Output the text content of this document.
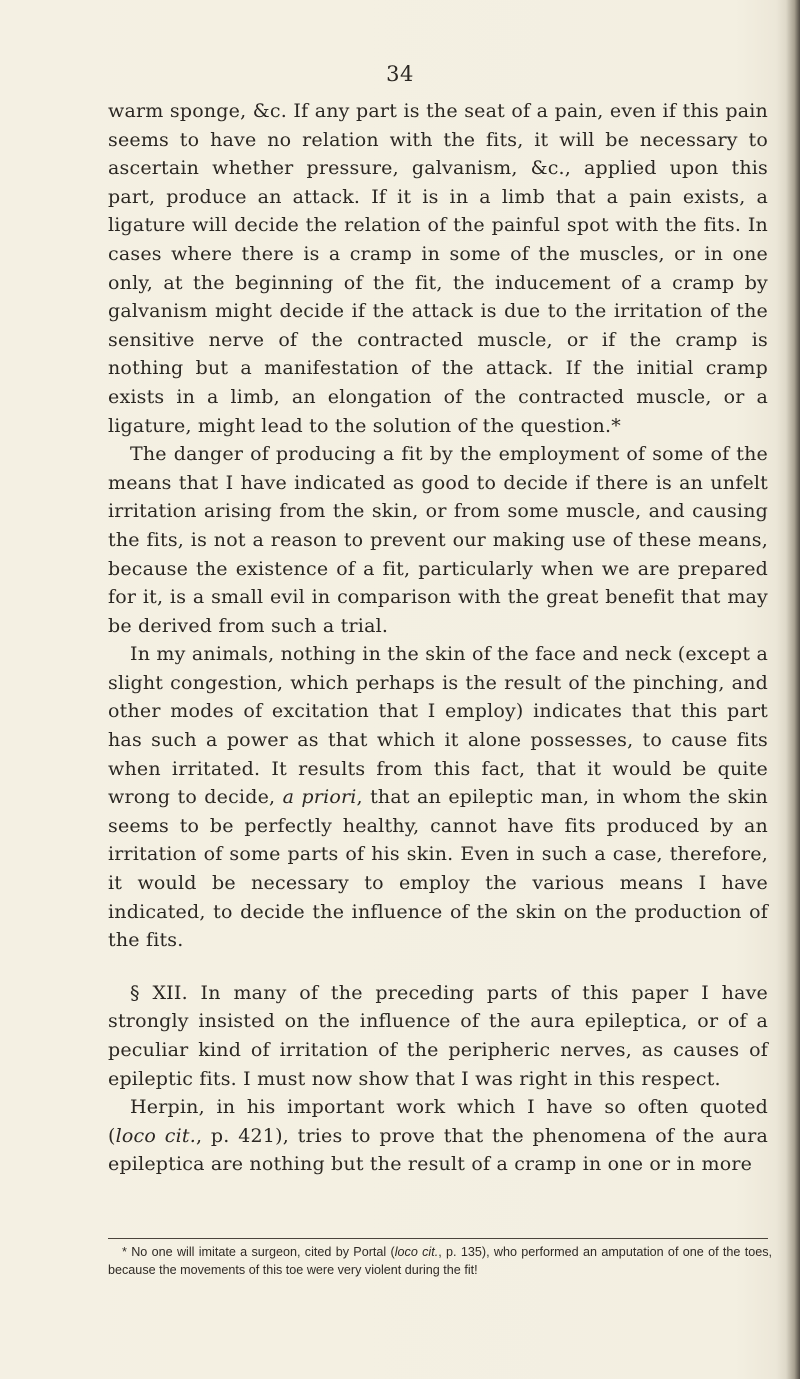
34

warm sponge, &c. If any part is the seat of a pain, even if this pain seems to have no relation with the fits, it will be necessary to ascertain whether pressure, galvanism, &c., applied upon this part, produce an attack. If it is in a limb that a pain exists, a ligature will decide the relation of the painful spot with the fits. In cases where there is a cramp in some of the muscles, or in one only, at the beginning of the fit, the inducement of a cramp by galvanism might decide if the attack is due to the irritation of the sensitive nerve of the contracted muscle, or if the cramp is nothing but a manifestation of the attack. If the initial cramp exists in a limb, an elongation of the contracted muscle, or a ligature, might lead to the solution of the question.*

The danger of producing a fit by the employment of some of the means that I have indicated as good to decide if there is an unfelt irritation arising from the skin, or from some muscle, and causing the fits, is not a reason to prevent our making use of these means, because the existence of a fit, particularly when we are prepared for it, is a small evil in comparison with the great benefit that may be derived from such a trial.

In my animals, nothing in the skin of the face and neck (except a slight congestion, which perhaps is the result of the pinching, and other modes of excitation that I employ) indicates that this part has such a power as that which it alone possesses, to cause fits when irritated. It results from this fact, that it would be quite wrong to decide, a priori, that an epileptic man, in whom the skin seems to be perfectly healthy, cannot have fits produced by an irritation of some parts of his skin. Even in such a case, therefore, it would be necessary to employ the various means I have indicated, to decide the influence of the skin on the production of the fits.

§ XII. In many of the preceding parts of this paper I have strongly insisted on the influence of the aura epileptica, or of a peculiar kind of irritation of the peripheric nerves, as causes of epileptic fits. I must now show that I was right in this respect.

Herpin, in his important work which I have so often quoted (loco cit., p. 421), tries to prove that the phenomena of the aura epileptica are nothing but the result of a cramp in one or in more

* No one will imitate a surgeon, cited by Portal (loco cit., p. 135), who performed an amputation of one of the toes, because the movements of this toe were very violent during the fit!
